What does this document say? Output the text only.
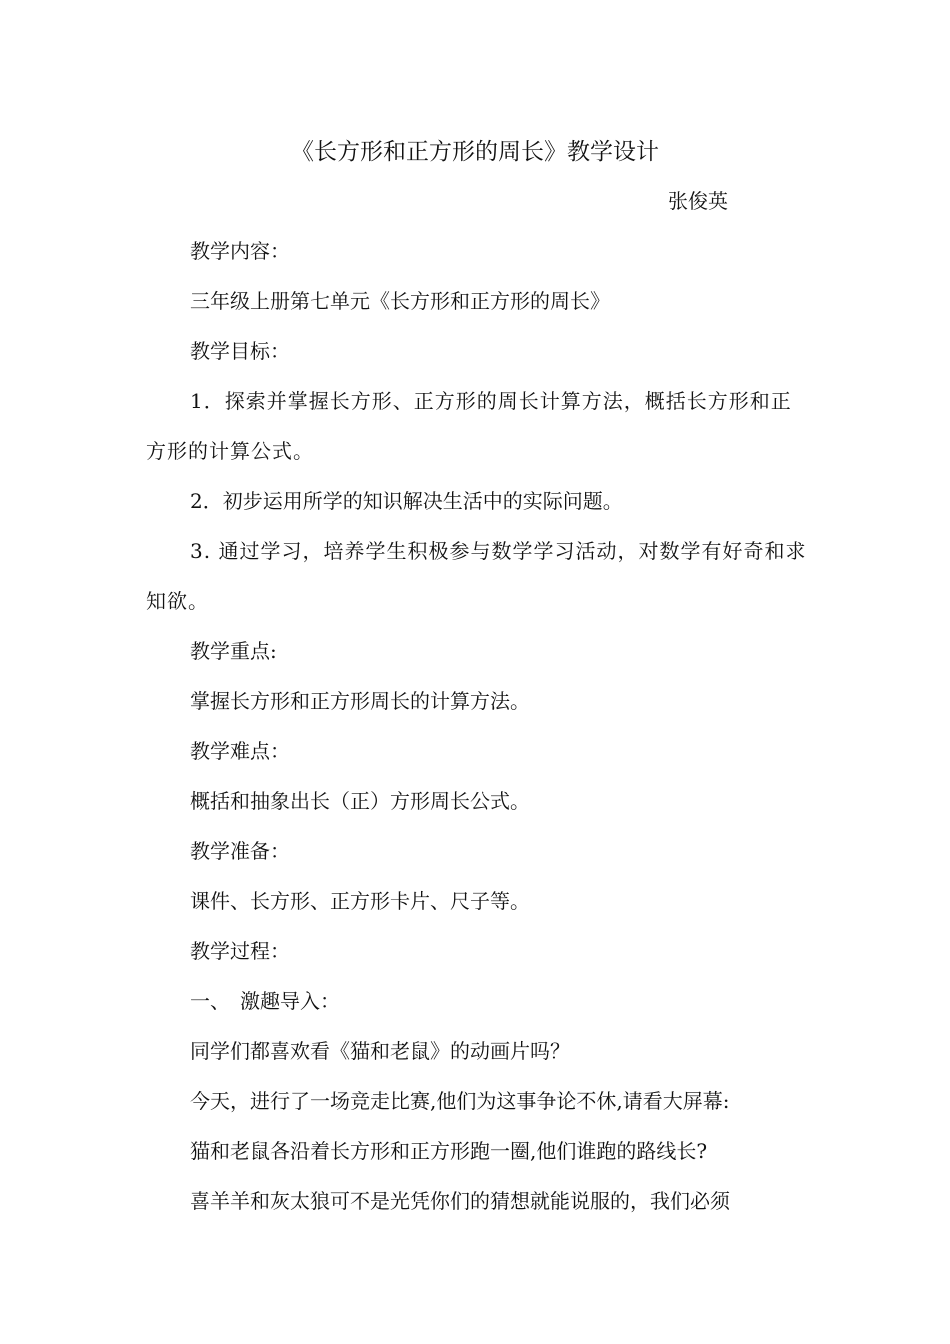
《长方形和正方形的周长》教学设计
张俊英
教学内容：
三年级上册第七单元《长方形和正方形的周长》
教学目标：
1．探索并掌握长方形、正方形的周长计算方法，概括长方形和正方形的计算公式。
2．初步运用所学的知识解决生活中的实际问题。
3. 通过学习，培养学生积极参与数学学习活动，对数学有好奇和求知欲。
教学重点:
掌握长方形和正方形周长的计算方法。
教学难点：
概括和抽象出长（正）方形周长公式。
教学准备：
课件、长方形、正方形卡片、尺子等。
教学过程：
一、　激趣导入：
同学们都喜欢看《猫和老鼠》的动画片吗？
今天，进行了一场竞走比赛,他们为这事争论不休,请看大屏幕:
猫和老鼠各沿着长方形和正方形跑一圈,他们谁跑的路线长?
喜羊羊和灰太狼可不是光凭你们的猜想就能说服的，我们必须
